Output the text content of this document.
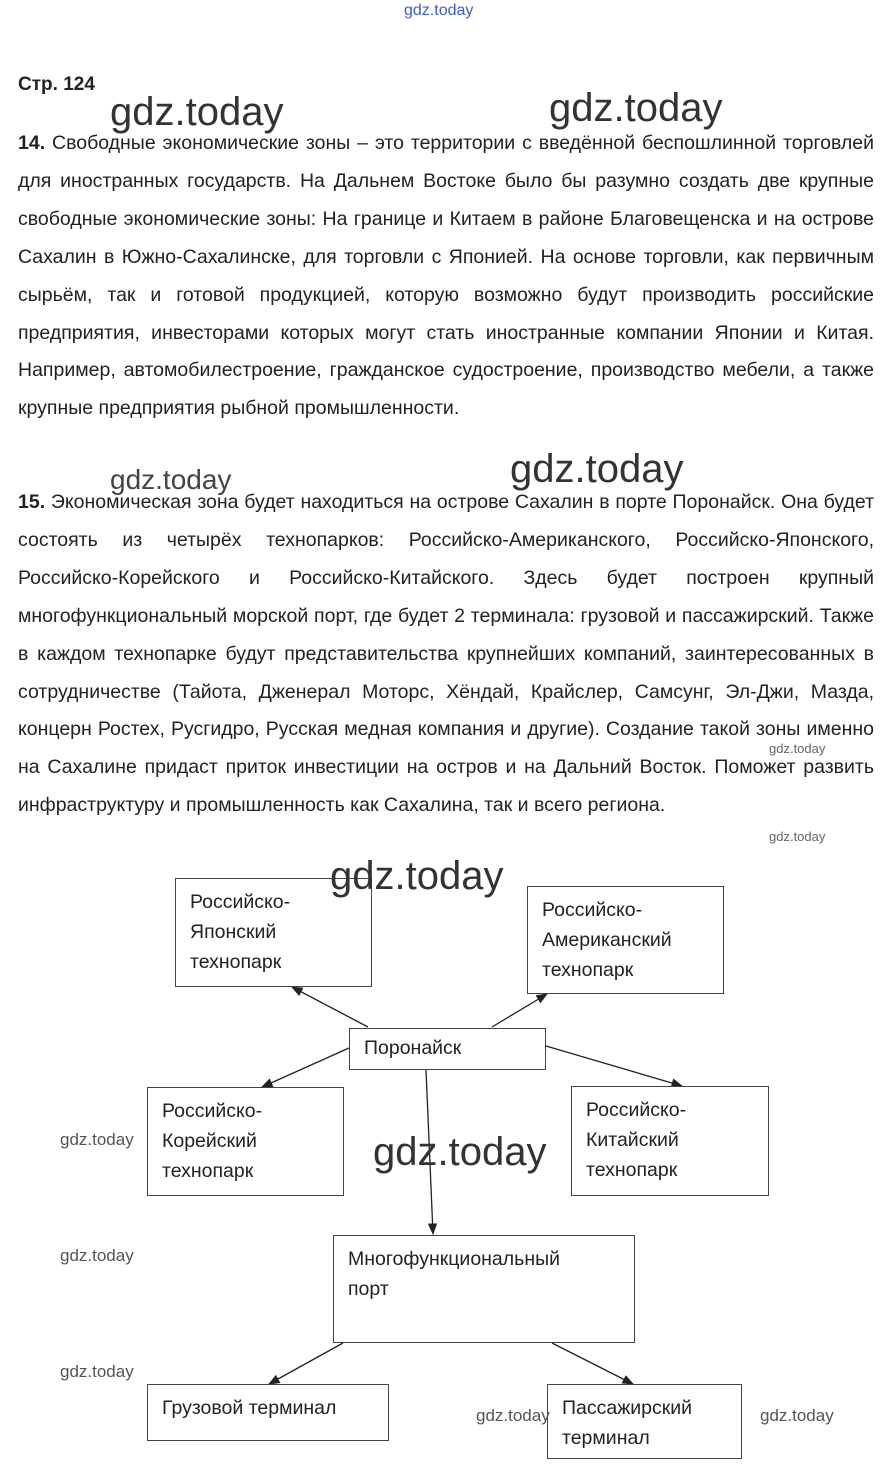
gdz.today
Стр. 124

14. Свободные экономические зоны – это территории с введённой беспошлинной торговлей для иностранных государств. На Дальнем Востоке было бы разумно создать две крупные свободные экономические зоны: На границе и Китаем в районе Благовещенска и на острове Сахалин в Южно-Сахалинске, для торговли с Японией. На основе торговли, как первичным сырьём, так и готовой продукцией, которую возможно будут производить российские предприятия, инвесторами которых могут стать иностранные компании Японии и Китая. Например, автомобилестроение, гражданское судостроение, производство мебели, а также крупные предприятия рыбной промышленности.

15. Экономическая зона будет находиться на острове Сахалин в порте Поронайск. Она будет состоять из четырёх технопарков: Российско-Американского, Российско-Японского, Российско-Корейского и Российско-Китайского. Здесь будет построен крупный многофункциональный морской порт, где будет 2 терминала: грузовой и пассажирский. Также в каждом технопарке будут представительства крупнейших компаний, заинтересованных в сотрудничестве (Тайота, Дженерал Моторс, Хёндай, Крайслер, Самсунг, Эл-Джи, Мазда, концерн Ростех, Русгидро, Русская медная компания и другие). Создание такой зоны именно на Сахалине придаст приток инвестиции на остров и на Дальний Восток. Поможет развить инфраструктуру и промышленность как Сахалина, так и всего региона.

Российско-
Японский
технопарк
Российско-
Американский
технопарк
Поронайск
Российско-
Корейский
технопарк
Российско-
Китайский
технопарк
Многофункциональный
порт
Грузовой терминал	Пассажирский
терминал
gdz.today	gdz.today
gdz.today	gdz.today
gdz.today
gdz.today
gdz.today
gdz.today
gdz.today
gdz.today
gdz.today
gdz.today	gdz.today
